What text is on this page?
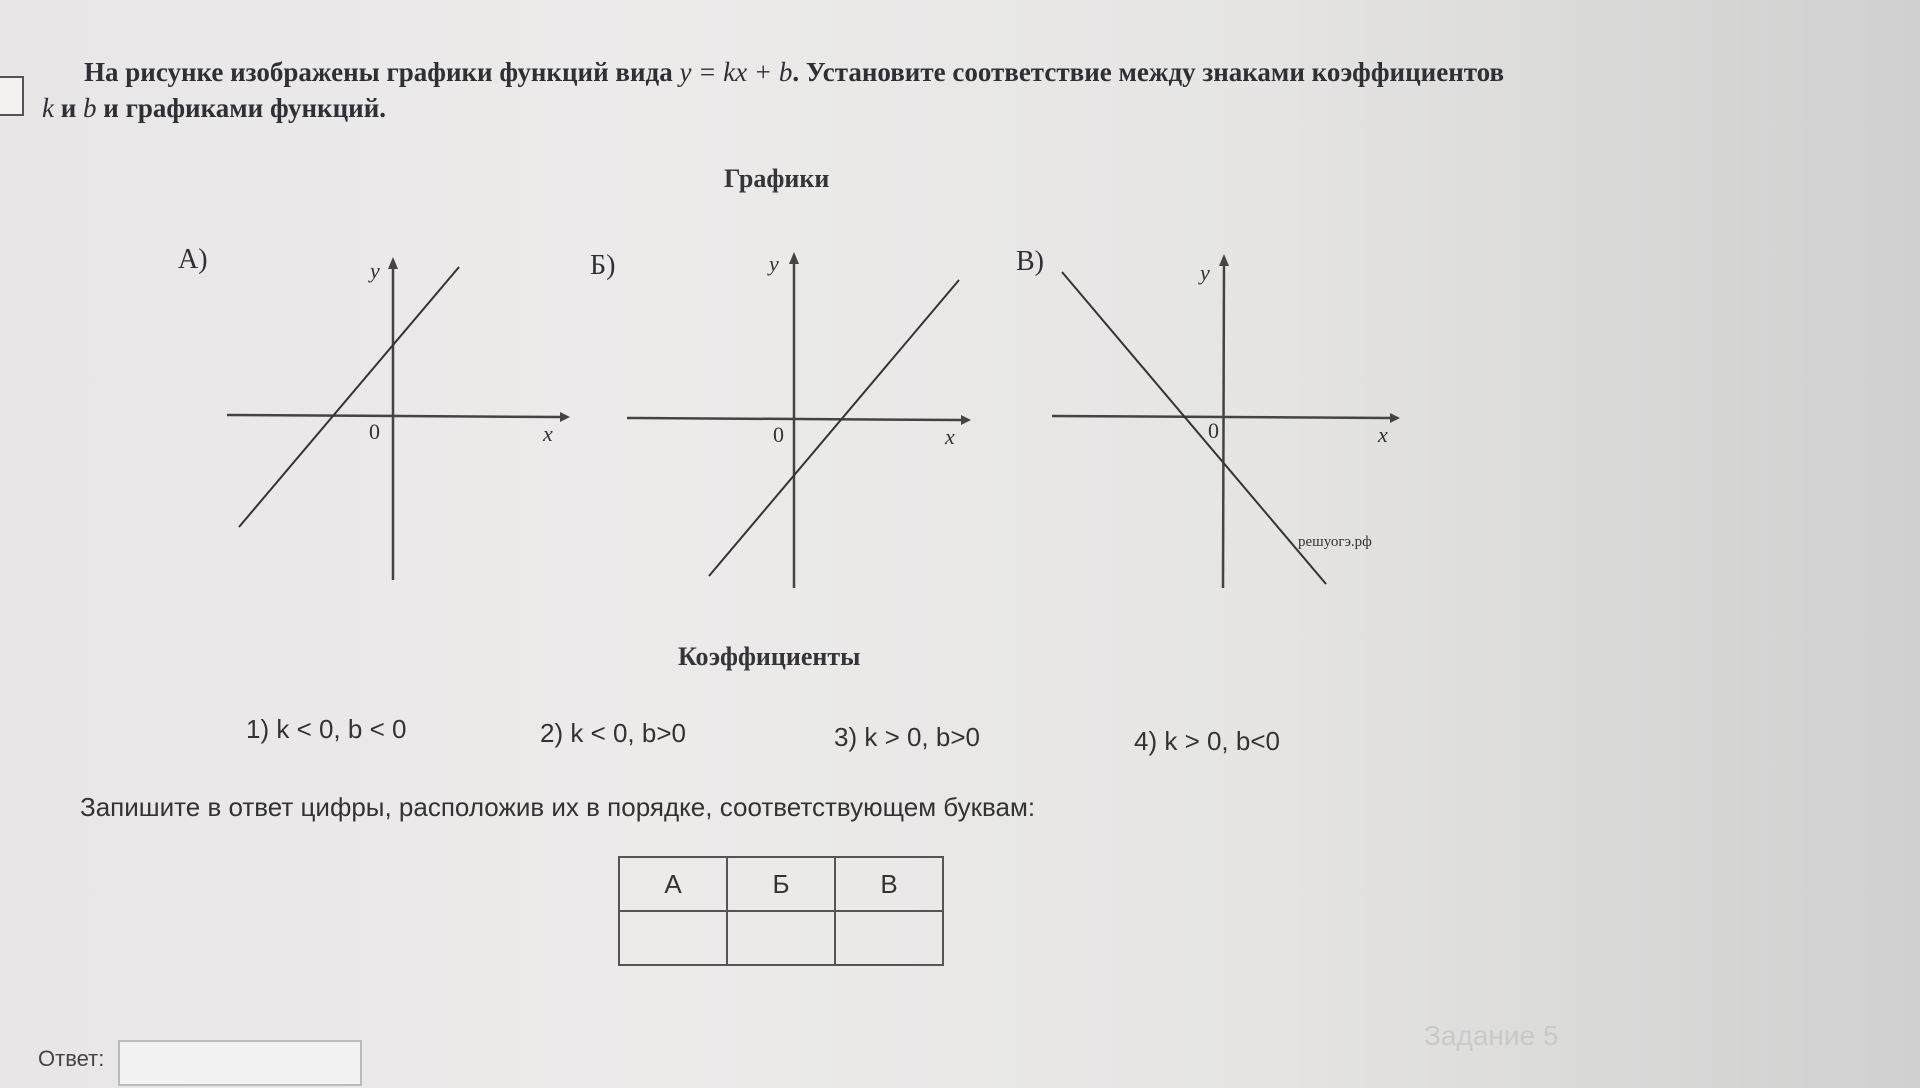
На рисунке изображены графики функций вида y = kx + b. Установите соответствие между знаками коэффициентов
k и b и графиками функций.
Графики
А)
0	x
y	Б)
0	x
y	В)
0	x
y
решуогэ.рф
Коэффициенты
1) k < 0, b < 0	2) k < 0, b>0	3) k > 0, b>0	4) k > 0, b<0
Запишите в ответ цифры, расположив их в порядке, соответствующем буквам:
А	Б	В

Ответ:
Задание 5
